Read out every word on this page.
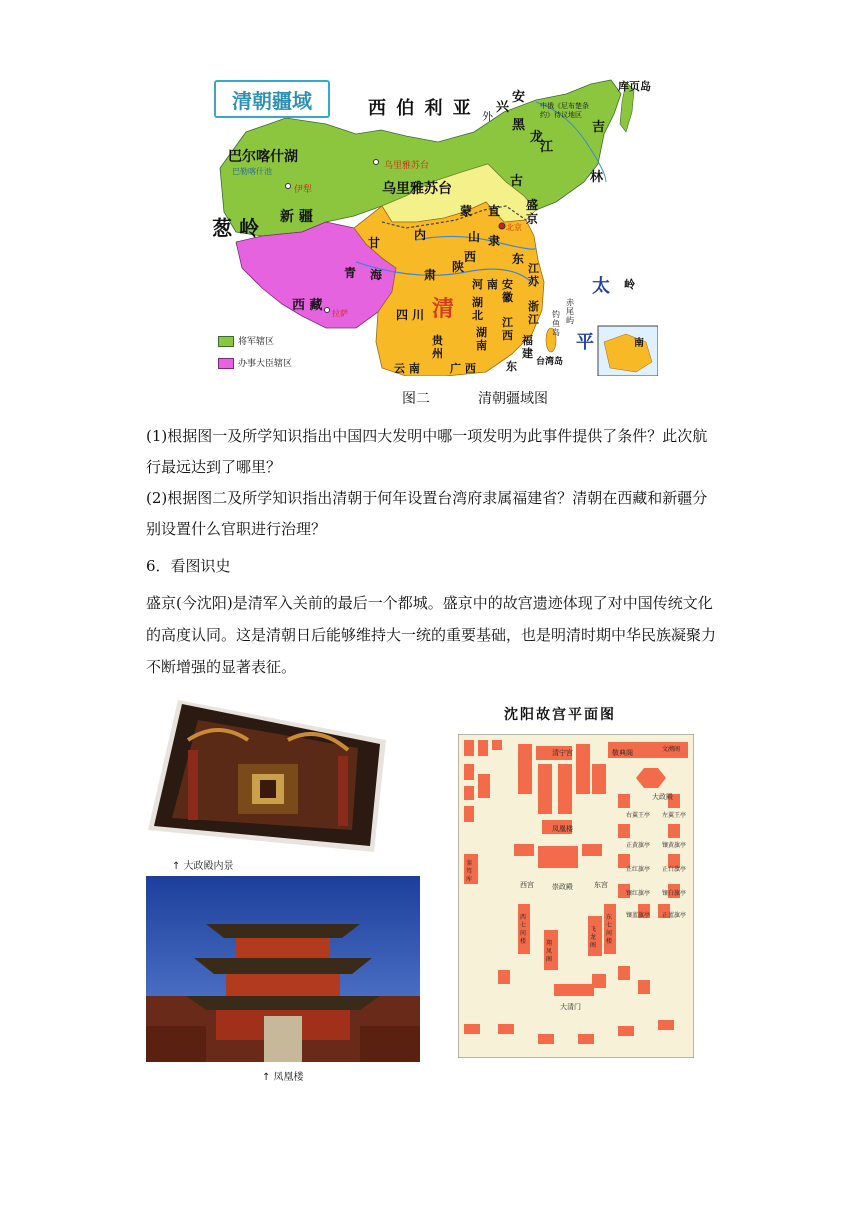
清朝疆域	西 伯 利 亚 兴
安
外
库页岛
中俄《尼布楚条约》待议地区
黑
龙
江
吉
林
巴尔喀什湖
巴勒喀什池
伊犁
乌里雅苏台
乌里雅苏台	古
蒙
新 疆
葱 岭
盛京
直
隶
甘
内
北京
山
东
青 海
陕
西
肃
河 南 安 徽
江 苏
西 藏
拉萨	四 川 清 湖 北
浙 江
贵 州
湖 南
江 西 福 建
云 南	广 西	东 台湾岛
钓鱼岛
赤尾屿
太 岭
平	南
将军辖区
办事大臣辖区
图二	清朝疆域图
(1)根据图一及所学知识指出中国四大发明中哪一项发明为此事件提供了条件？此次航
行最远达到了哪里？
(2)根据图二及所学知识指出清朝于何年设置台湾府隶属福建省？清朝在西藏和新疆分
别设置什么官职进行治理？
6．看图识史
盛京(今沈阳)是清军入关前的最后一个都城。盛京中的故宫遗迹体现了对中国传统文化
的高度认同。这是清朝日后能够维持大一统的重要基础，也是明清时期中华民族凝聚力
不断增强的显著表征。
↑ 大政殿内景
↑ 凤凰楼
沈阳故宫平面图
清宁宫	敬典阁
凤凰楼
崇政殿
西宫	东宫
大政殿
右翼王亭 左翼王亭
正黄旗亭 镶黄旗亭
正红旗亭 正白旗亭
镶红旗亭 镶白旗亭
镶蓝旗亭 正蓝旗亭
西七间楼
东七间楼
飞龙阁
翔凤阁
大清门
銮驾库
文溯阁
